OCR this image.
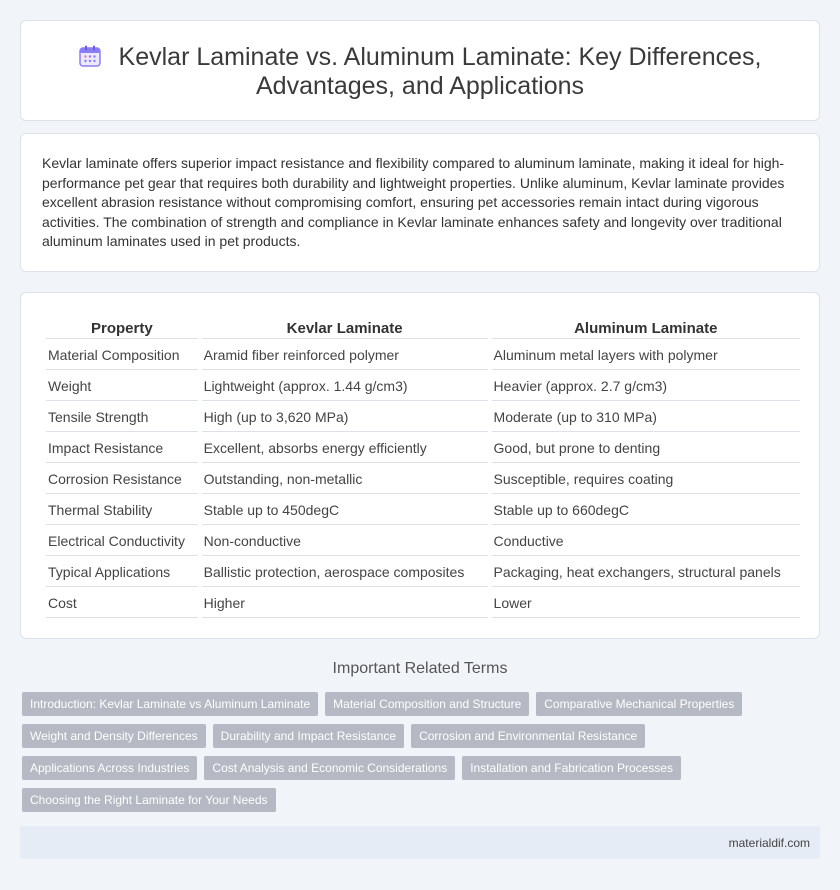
Kevlar Laminate vs. Aluminum Laminate: Key Differences,
Advantages, and Applications

Kevlar laminate offers superior impact resistance and flexibility compared to aluminum laminate, making it ideal for high-performance pet gear that requires both durability and lightweight properties. Unlike aluminum, Kevlar laminate provides excellent abrasion resistance without compromising comfort, ensuring pet accessories remain intact during vigorous activities. The combination of strength and compliance in Kevlar laminate enhances safety and longevity over traditional aluminum laminates used in pet products.

Property	Kevlar Laminate	Aluminum Laminate
Material Composition	Aramid fiber reinforced polymer	Aluminum metal layers with polymer
Weight	Lightweight (approx. 1.44 g/cm3)	Heavier (approx. 2.7 g/cm3)
Tensile Strength	High (up to 3,620 MPa)	Moderate (up to 310 MPa)
Impact Resistance	Excellent, absorbs energy efficiently	Good, but prone to denting
Corrosion Resistance	Outstanding, non-metallic	Susceptible, requires coating
Thermal Stability	Stable up to 450degC	Stable up to 660degC
Electrical Conductivity	Non-conductive	Conductive
Typical Applications	Ballistic protection, aerospace composites	Packaging, heat exchangers, structural panels
Cost	Higher	Lower
Important Related Terms
Introduction: Kevlar Laminate vs Aluminum Laminate	Material Composition and Structure	Comparative Mechanical Properties
Weight and Density Differences	Durability and Impact Resistance	Corrosion and Environmental Resistance
Applications Across Industries	Cost Analysis and Economic Considerations	Installation and Fabrication Processes
Choosing the Right Laminate for Your Needs
materialdif.com
